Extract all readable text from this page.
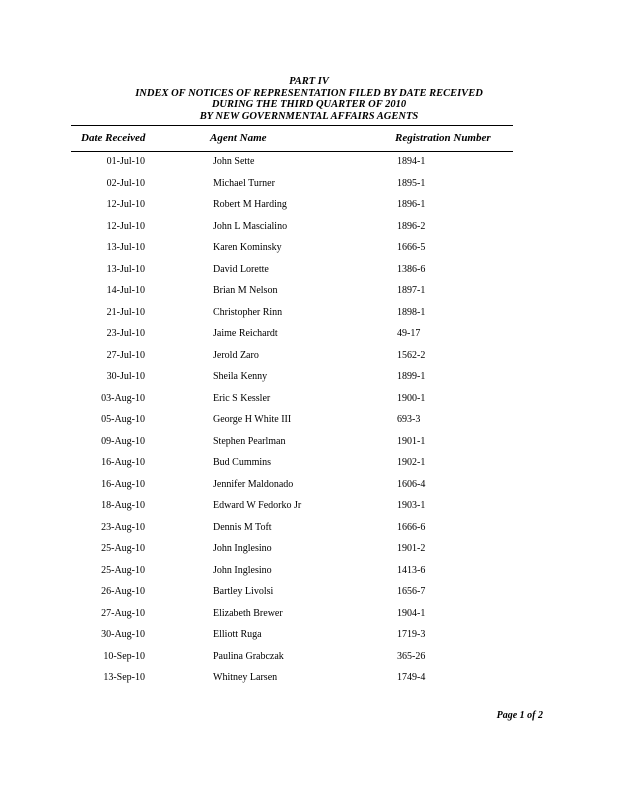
PART IV
INDEX OF NOTICES OF REPRESENTATION FILED BY DATE RECEIVED
DURING THE THIRD QUARTER OF 2010
BY NEW GOVERNMENTAL AFFAIRS AGENTS
Date Received	Agent Name	Registration Number
01-Jul-10	John Sette	1894-1
02-Jul-10	Michael Turner	1895-1
12-Jul-10	Robert M Harding	1896-1
12-Jul-10	John L Mascialino	1896-2
13-Jul-10	Karen Kominsky	1666-5
13-Jul-10	David Lorette	1386-6
14-Jul-10	Brian M Nelson	1897-1
21-Jul-10	Christopher Rinn	1898-1
23-Jul-10	Jaime Reichardt	49-17
27-Jul-10	Jerold Zaro	1562-2
30-Jul-10	Sheila Kenny	1899-1
03-Aug-10	Eric S Kessler	1900-1
05-Aug-10	George H White III	693-3
09-Aug-10	Stephen Pearlman	1901-1
16-Aug-10	Bud Cummins	1902-1
16-Aug-10	Jennifer Maldonado	1606-4
18-Aug-10	Edward W Fedorko Jr	1903-1
23-Aug-10	Dennis M Toft	1666-6
25-Aug-10	John Inglesino	1901-2
25-Aug-10	John Inglesino	1413-6
26-Aug-10	Bartley Livolsi	1656-7
27-Aug-10	Elizabeth Brewer	1904-1
30-Aug-10	Elliott Ruga	1719-3
10-Sep-10	Paulina Grabczak	365-26
13-Sep-10	Whitney Larsen	1749-4
Page 1 of 2
